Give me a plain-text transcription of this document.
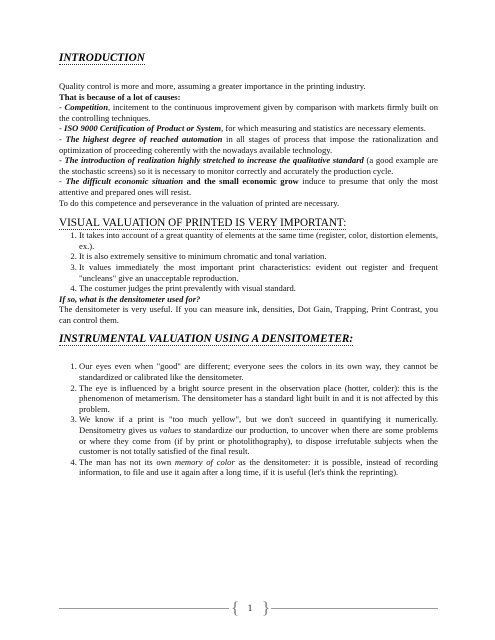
INTRODUCTION

Quality control is more and more, assuming a greater importance in the printing industry.

That is because of a lot of causes:

- Competition, incitement to the continuous improvement given by comparison with markets firmly built on the controlling techniques.

- ISO 9000 Certification of Product or System, for which measuring and statistics are necessary elements.

- The highest degree of reached automation in all stages of process that impose the rationalization and optimization of proceeding coherently with the nowadays available technology.

- The introduction of realization highly stretched to increase the qualitative standard (a good example are the stochastic screens) so it is necessary to monitor correctly and accurately the production cycle.

- The difficult economic situation and the small economic grow induce to presume that only the most attentive and prepared ones will resist.

To do this competence and perseverance in the valuation of printed are necessary.

VISUAL VALUATION OF PRINTED IS VERY IMPORTANT:
1. It takes into account of a great quantity of elements at the same time (register, color, distortion elements, ex.).
2. It is also extremely sensitive to minimum chromatic and tonal variation.
3. It values immediately the most important print characteristics: evident out register and frequent "uncleans" give an unacceptable reproduction.
4. The costumer judges the print prevalently with visual standard.

If so, what is the densitometer used for?

The densitometer is very useful. If you can measure ink, densities, Dot Gain, Trapping, Print Contrast, you can control them.

INSTRUMENTAL VALUATION USING A DENSITOMETER:
1. Our eyes even when "good" are different; everyone sees the colors in its own way, they cannot be standardized or calibrated like the densitometer.
2. The eye is influenced by a bright source present in the observation place (hotter, colder): this is the phenomenon of metamerism. The densitometer has a standard light built in and it is not affected by this problem.
3. We know if a print is "too much yellow", but we don't succeed in quantifying it numerically. Densitometry gives us values to standardize our production, to uncover when there are some problems or where they come from (if by print or photolithography), to dispose irrefutable subjects when the customer is not totally satisfied of the final result.
4. The man has not its own memory of color as the densitometer: it is possible, instead of recording information, to file and use it again after a long time, if it is useful (let's think the reprinting).
{ 1 }
